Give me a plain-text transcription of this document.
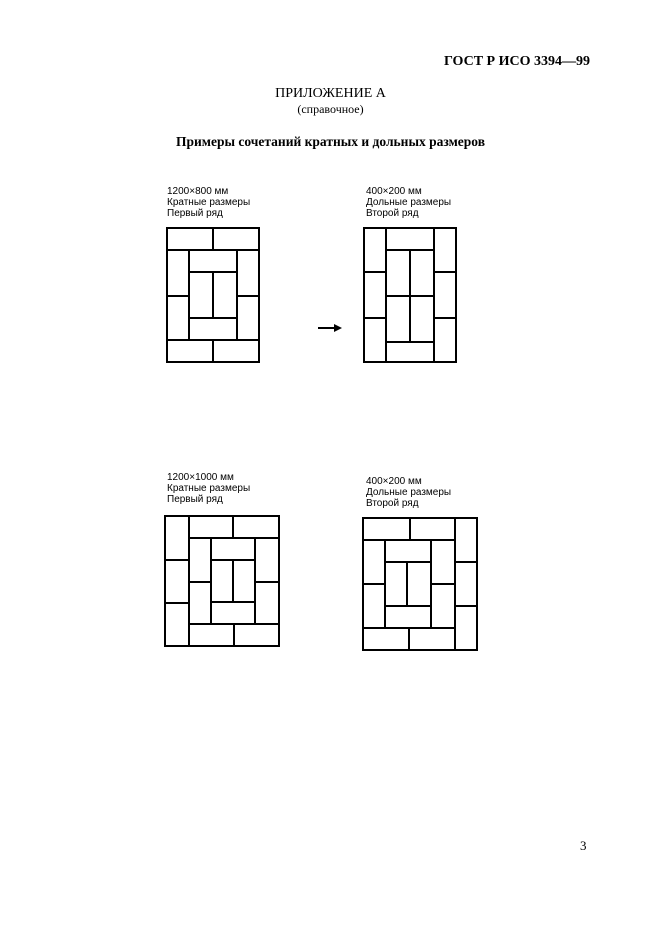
ГОСТ Р ИСО 3394—99
ПРИЛОЖЕНИЕ А
(справочное)
Примеры сочетаний кратных и дольных размеров
1200×800 мм
Кратные размеры
Первый ряд
400×200 мм
Дольные размеры
Второй ряд
1200×1000 мм
Кратные размеры
Первый ряд
400×200 мм
Дольные размеры
Второй ряд
3
